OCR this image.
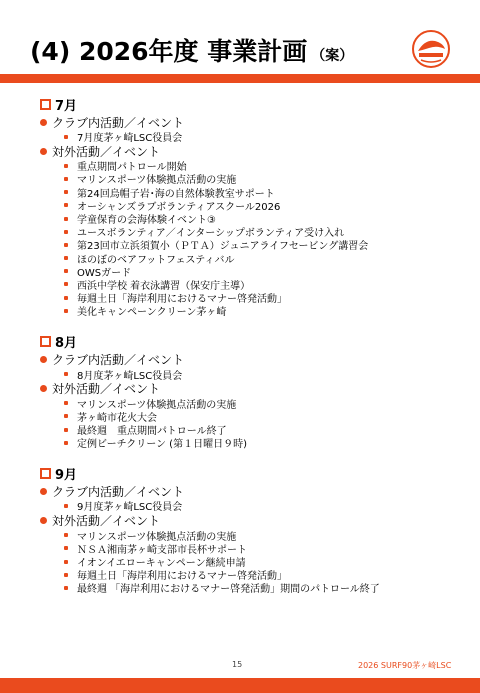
(4) 2026年度 事業計画 （案）
7月
クラブ内活動／イベント
7月度茅ヶ崎LSC役員会
対外活動／イベント
重点期間パトロール開始
マリンスポーツ体験拠点活動の実施
第24回烏帽子岩･海の自然体験教室サポート
オーシャンズラブボランティアスクール2026
学童保育の会海体験イベント③
ユースボランティア／インターシップボランティア受け入れ
第23回市立浜須賀小（ＰＴＡ）ジュニアライフセービング講習会
ほのぼのベアフットフェスティバル
OWSガード
西浜中学校 着衣泳講習（保安庁主導）
毎週土日「海岸利用におけるマナー啓発活動」
美化キャンペーンクリーン茅ヶ崎
8月
クラブ内活動／イベント
8月度茅ヶ崎LSC役員会
対外活動／イベント
マリンスポーツ体験拠点活動の実施
茅ヶ崎市花火大会
最終週　重点期間パトロール終了
定例ビーチクリーン (第１日曜日９時)
9月
クラブ内活動／イベント
9月度茅ヶ崎LSC役員会
対外活動／イベント
マリンスポーツ体験拠点活動の実施
ＮＳＡ湘南茅ヶ崎支部市長杯サポート
イオンイエローキャンペーン継続申請
毎週土日「海岸利用におけるマナー啓発活動」
最終週 「海岸利用におけるマナー啓発活動」期間のパトロール終了
15	2026 SURF90茅ヶ崎LSC
